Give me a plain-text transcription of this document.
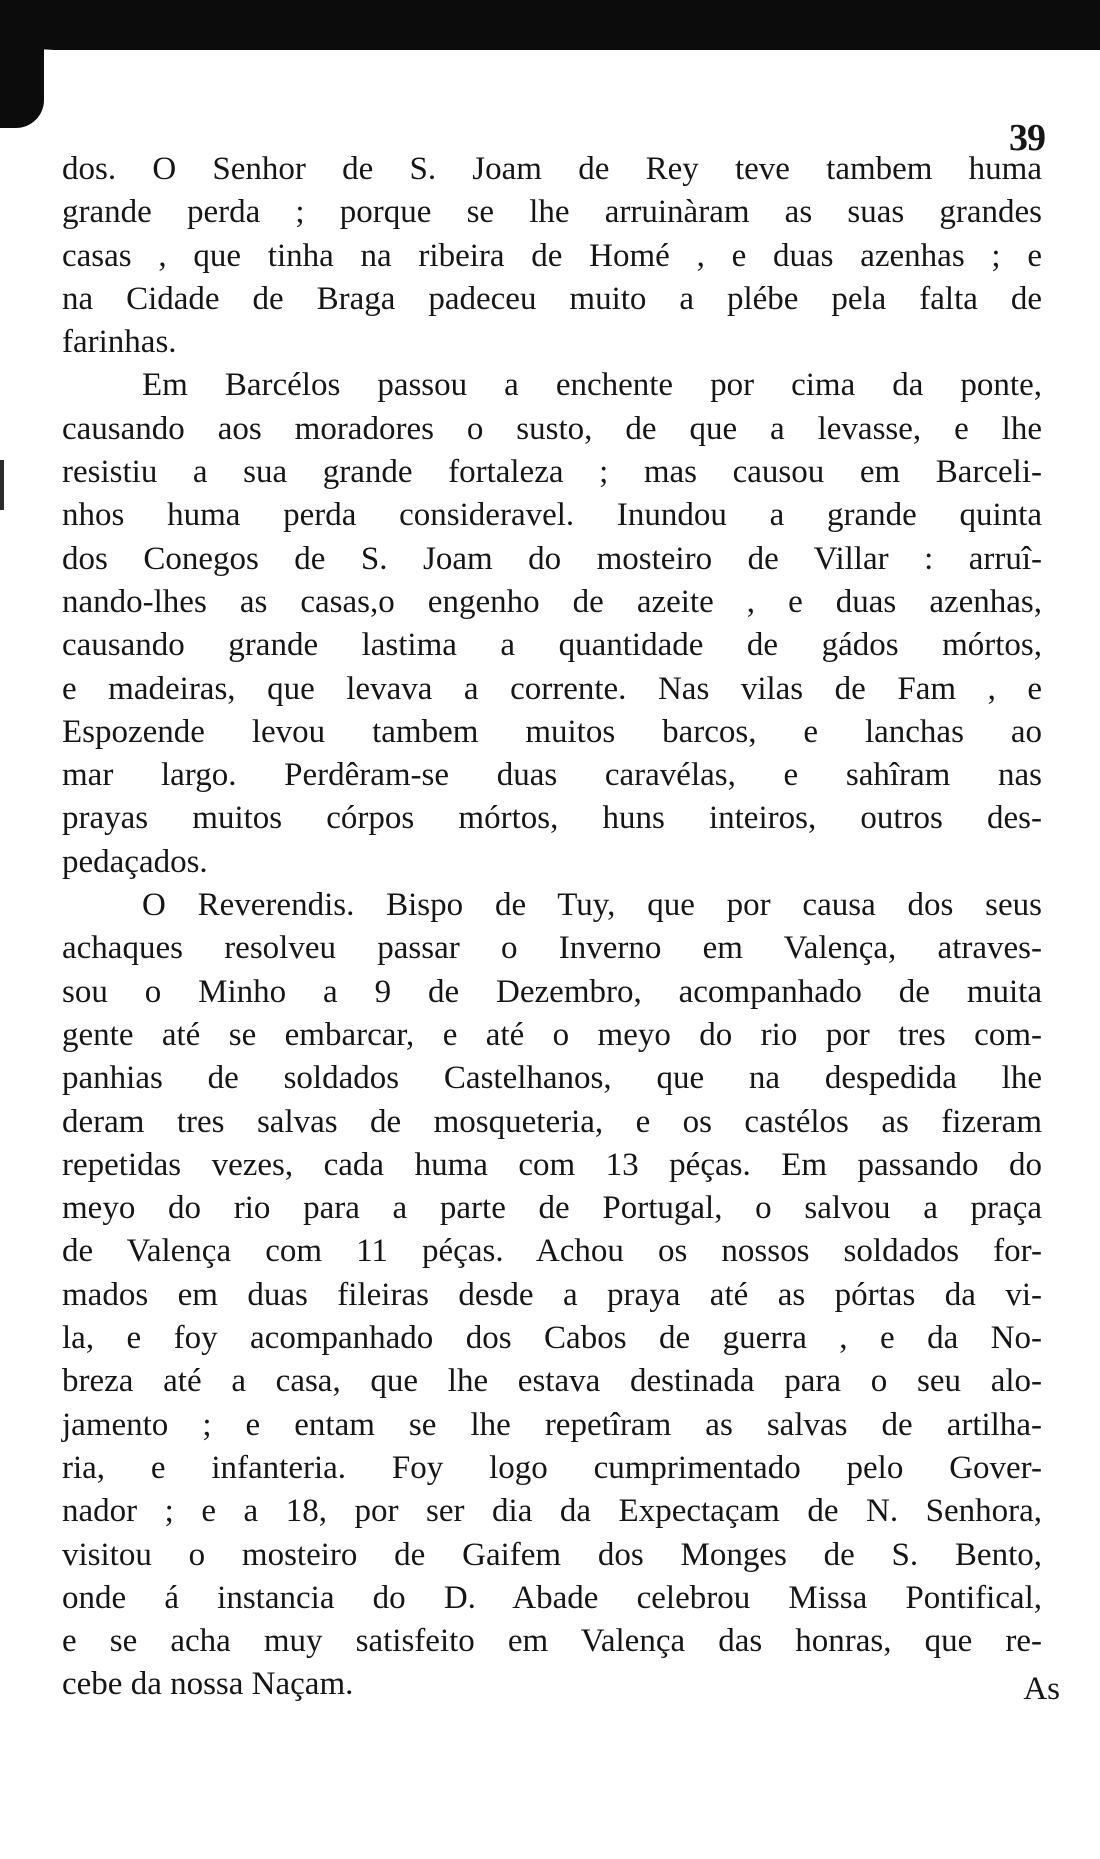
39
dos. O Senhor de S. Joam de Rey teve tambem huma
grande perda ; porque se lhe arruinàram as suas grandes
casas , que tinha na ribeira de Homé , e duas azenhas ; e
na Cidade de Braga padeceu muito a plébe pela falta de
farinhas.
Em Barcélos passou a enchente por cima da ponte,
causando aos moradores o susto, de que a levasse, e lhe
resistiu a sua grande fortaleza ; mas causou em Barceli-
nhos huma perda consideravel. Inundou a grande quinta
dos Conegos de S. Joam do mosteiro de Villar : arruî-
nando-lhes as casas,o engenho de azeite , e duas azenhas,
causando grande lastima a quantidade de gádos mórtos,
e madeiras, que levava a corrente. Nas vilas de Fam , e
Espozende levou tambem muitos barcos, e lanchas ao
mar largo. Perdêram-se duas caravélas, e sahîram nas
prayas muitos córpos mórtos, huns inteiros, outros des-
pedaçados.
O Reverendis. Bispo de Tuy, que por causa dos seus
achaques resolveu passar o Inverno em Valença, atraves-
sou o Minho a 9 de Dezembro, acompanhado de muita
gente até se embarcar, e até o meyo do rio por tres com-
panhias de soldados Castelhanos, que na despedida lhe
deram tres salvas de mosqueteria, e os castélos as fizeram
repetidas vezes, cada huma com 13 péças. Em passando do
meyo do rio para a parte de Portugal, o salvou a praça
de Valença com 11 péças. Achou os nossos soldados for-
mados em duas fileiras desde a praya até as pórtas da vi-
la, e foy acompanhado dos Cabos de guerra , e da No-
breza até a casa, que lhe estava destinada para o seu alo-
jamento ; e entam se lhe repetîram as salvas de artilha-
ria, e infanteria. Foy logo cumprimentado pelo Gover-
nador ; e a 18, por ser dia da Expectaçam de N. Senhora,
visitou o mosteiro de Gaifem dos Monges de S. Bento,
onde á instancia do D. Abade celebrou Missa Pontifical,
e se acha muy satisfeito em Valença das honras, que re-
cebe da nossa Naçam.	As
